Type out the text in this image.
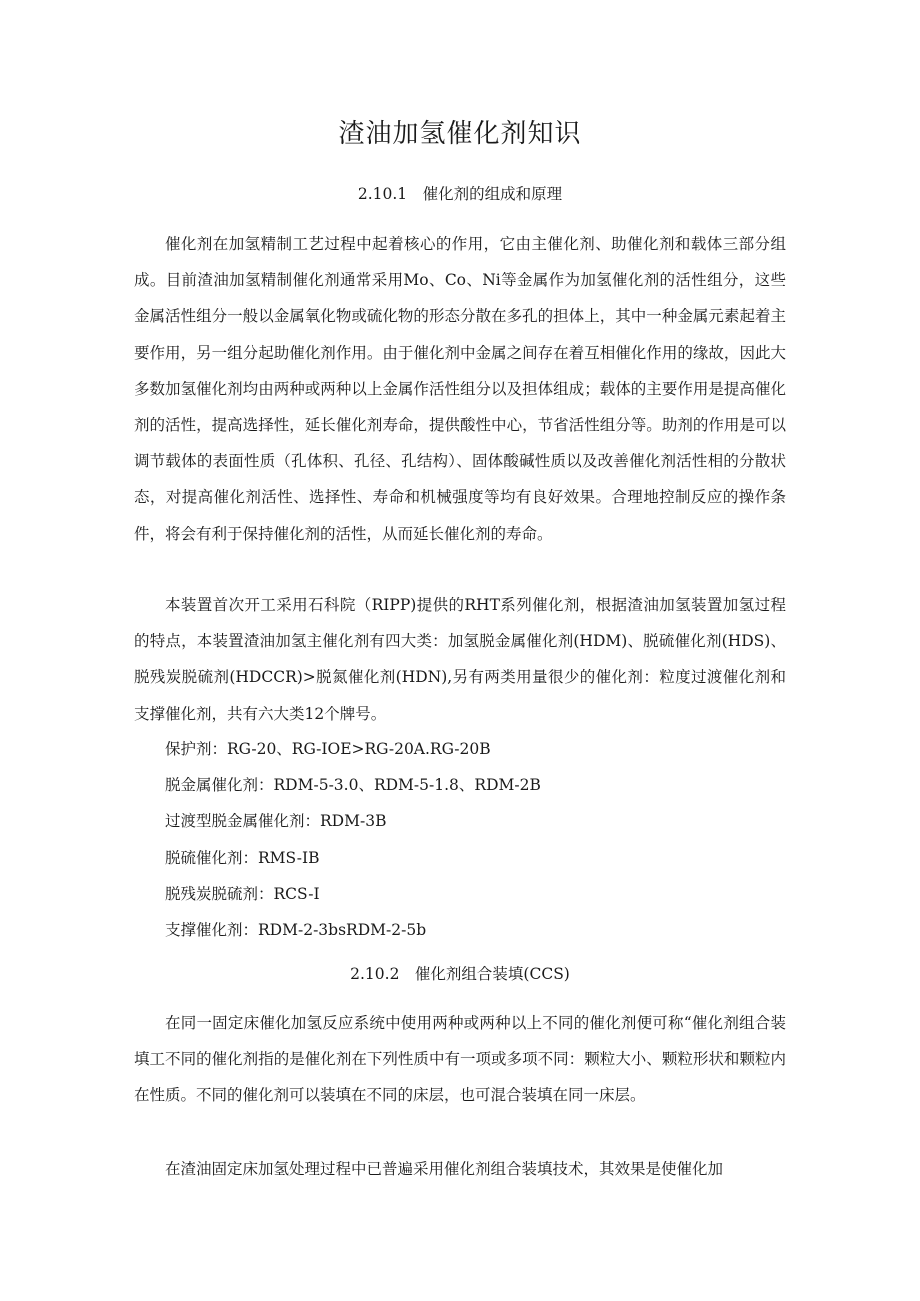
渣油加氢催化剂知识
2.10.1　催化剂的组成和原理

催化剂在加氢精制工艺过程中起着核心的作用，它由主催化剂、助催化剂和载体三部分组成。目前渣油加氢精制催化剂通常采用Mo、Co、Ni等金属作为加氢催化剂的活性组分，这些金属活性组分一般以金属氧化物或硫化物的形态分散在多孔的担体上，其中一种金属元素起着主要作用，另一组分起助催化剂作用。由于催化剂中金属之间存在着互相催化作用的缘故，因此大多数加氢催化剂均由两种或两种以上金属作活性组分以及担体组成；载体的主要作用是提高催化剂的活性，提高选择性，延长催化剂寿命，提供酸性中心，节省活性组分等。助剂的作用是可以调节载体的表面性质（孔体积、孔径、孔结构）、固体酸碱性质以及改善催化剂活性相的分散状态，对提高催化剂活性、选择性、寿命和机械强度等均有良好效果。合理地控制反应的操作条件，将会有利于保持催化剂的活性，从而延长催化剂的寿命。

本装置首次开工采用石科院（RIPP)提供的RHT系列催化剂，根据渣油加氢装置加氢过程的特点，本装置渣油加氢主催化剂有四大类：加氢脱金属催化剂(HDM)、脱硫催化剂(HDS)、脱残炭脱硫剂(HDCCR)>脱氮催化剂(HDN),另有两类用量很少的催化剂：粒度过渡催化剂和支撑催化剂，共有六大类12个牌号。

保护剂：RG-20、RG-IOE>RG-20A.RG-20B

脱金属催化剂：RDM-5-3.0、RDM-5-1.8、RDM-2B

过渡型脱金属催化剂：RDM-3B

脱硫催化剂：RMS-IB

脱残炭脱硫剂：RCS-I

支撑催化剂：RDM-2-3bsRDM-2-5b

2.10.2　催化剂组合装填(CCS)

在同一固定床催化加氢反应系统中使用两种或两种以上不同的催化剂便可称“催化剂组合装填工不同的催化剂指的是催化剂在下列性质中有一项或多项不同：颗粒大小、颗粒形状和颗粒内在性质。不同的催化剂可以装填在不同的床层，也可混合装填在同一床层。

在渣油固定床加氢处理过程中已普遍采用催化剂组合装填技术，其效果是使催化加
